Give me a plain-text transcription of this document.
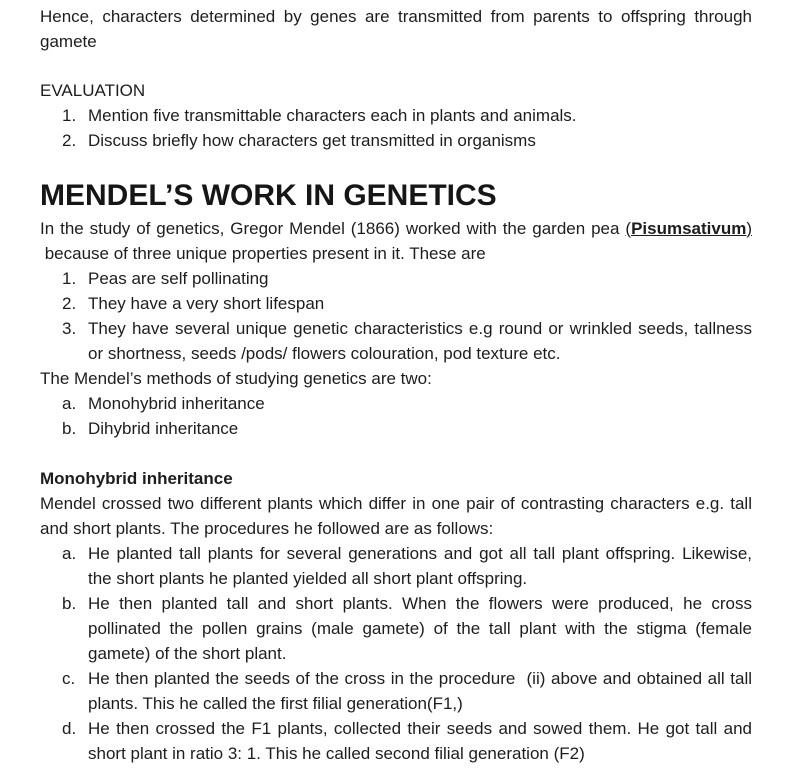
Hence, characters determined by genes are transmitted from parents to offspring through gamete

EVALUATION

1. Mention five transmittable characters each in plants and animals.
2. Discuss briefly how characters get transmitted in organisms
MENDEL’S WORK IN GENETICS

In the study of genetics, Gregor Mendel (1866) worked with the garden pea (Pisumsativum)  because of three unique properties present in it. These are

1. Peas are self pollinating
2. They have a very short lifespan
3. They have several unique genetic characteristics e.g round or wrinkled seeds, tallness or shortness, seeds /pods/ flowers colouration, pod texture etc.

The Mendel’s methods of studying genetics are two:

a. Monohybrid inheritance
b. Dihybrid inheritance

Monohybrid inheritance

Mendel crossed two different plants which differ in one pair of contrasting characters e.g. tall and short plants. The procedures he followed are as follows:

a. He planted tall plants for several generations and got all tall plant offspring. Likewise, the short plants he planted yielded all short plant offspring.
b. He then planted tall and short plants. When the flowers were produced, he cross pollinated the pollen grains (male gamete) of the tall plant with the stigma (female gamete) of the short plant.
c. He then planted the seeds of the cross in the procedure  (ii) above and obtained all tall plants. This he called the first filial generation(F1,)
d. He then crossed the F1 plants, collected their seeds and sowed them. He got tall and short plant in ratio 3: 1. This he called second filial generation (F2)
